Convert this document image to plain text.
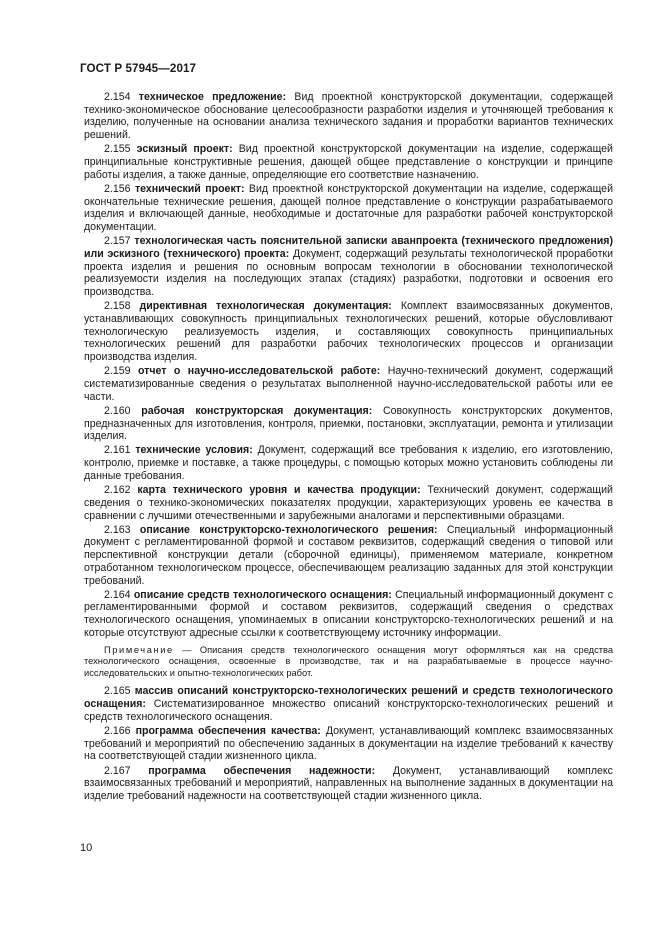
ГОСТ Р 57945—2017

2.154 техническое предложение: Вид проектной конструкторской документации, содержащей технико-экономическое обоснование целесообразности разработки изделия и уточняющей требования к изделию, полученные на основании анализа технического задания и проработки вариантов технических решений.

2.155 эскизный проект: Вид проектной конструкторской документации на изделие, содержащей принципиальные конструктивные решения, дающей общее представление о конструкции и принципе работы изделия, а также данные, определяющие его соответствие назначению.

2.156 технический проект: Вид проектной конструкторской документации на изделие, содержащей окончательные технические решения, дающей полное представление о конструкции разрабатываемого изделия и включающей данные, необходимые и достаточные для разработки рабочей конструкторской документации.

2.157 технологическая часть пояснительной записки аванпроекта (технического предложения) или эскизного (технического) проекта: Документ, содержащий результаты технологической проработки проекта изделия и решения по основным вопросам технологии в обосновании технологической реализуемости изделия на последующих этапах (стадиях) разработки, подготовки и освоения его производства.

2.158 директивная технологическая документация: Комплект взаимосвязанных документов, устанавливающих совокупность принципиальных технологических решений, которые обусловливают технологическую реализуемость изделия, и составляющих совокупность принципиальных технологических решений для разработки рабочих технологических процессов и организации производства изделия.

2.159 отчет о научно-исследовательской работе: Научно-технический документ, содержащий систематизированные сведения о результатах выполненной научно-исследовательской работы или ее части.

2.160 рабочая конструкторская документация: Совокупность конструкторских документов, предназначенных для изготовления, контроля, приемки, постановки, эксплуатации, ремонта и утилизации изделия.

2.161 технические условия: Документ, содержащий все требования к изделию, его изготовлению, контролю, приемке и поставке, а также процедуры, с помощью которых можно установить соблюдены ли данные требования.

2.162 карта технического уровня и качества продукции: Технический документ, содержащий сведения о технико-экономических показателях продукции, характеризующих уровень ее качества в сравнении с лучшими отечественными и зарубежными аналогами и перспективными образцами.

2.163 описание конструкторско-технологического решения: Специальный информационный документ с регламентированной формой и составом реквизитов, содержащий сведения о типовой или перспективной конструкции детали (сборочной единицы), применяемом материале, конкретном отработанном технологическом процессе, обеспечивающем реализацию заданных для этой конструкции требований.

2.164 описание средств технологического оснащения: Специальный информационный документ с регламентированными формой и составом реквизитов, содержащий сведения о средствах технологического оснащения, упоминаемых в описании конструкторско-технологических решений и на которые отсутствуют адресные ссылки к соответствующему источнику информации.

Примечание — Описания средств технологического оснащения могут оформляться как на средства технологического оснащения, освоенные в производстве, так и на разрабатываемые в процессе научно-исследовательских и опытно-технологических работ.

2.165 массив описаний конструкторско-технологических решений и средств технологического оснащения: Систематизированное множество описаний конструкторско-технологических решений и средств технологического оснащения.

2.166 программа обеспечения качества: Документ, устанавливающий комплекс взаимосвязанных требований и мероприятий по обеспечению заданных в документации на изделие требований к качеству на соответствующей стадии жизненного цикла.

2.167 программа обеспечения надежности: Документ, устанавливающий комплекс взаимосвязанных требований и мероприятий, направленных на выполнение заданных в документации на изделие требований надежности на соответствующей стадии жизненного цикла.

10
